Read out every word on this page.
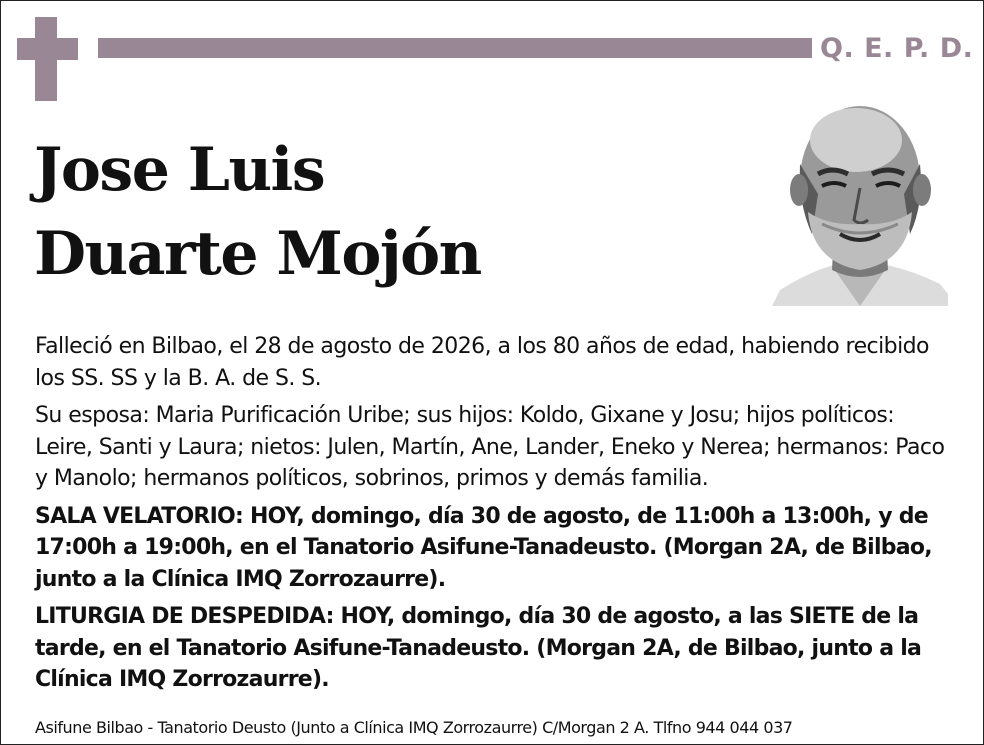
Q. E. P. D.
Jose Luis
Duarte Mojón

Falleció en Bilbao, el 28 de agosto de 2026, a los 80 años de edad, habiendo recibido los SS. SS y la B. A. de S. S.

Su esposa: Maria Purificación Uribe; sus hijos: Koldo, Gixane y Josu; hijos políticos: Leire, Santi y Laura; nietos: Julen, Martín, Ane, Lander, Eneko y Nerea; hermanos: Paco y Manolo; hermanos políticos, sobrinos, primos y demás familia.

SALA VELATORIO: HOY, domingo, día 30 de agosto, de 11:00h a 13:00h, y de 17:00h a 19:00h, en el Tanatorio Asifune-Tanadeusto. (Morgan 2A, de Bilbao, junto a la Clínica IMQ Zorrozaurre).

LITURGIA DE DESPEDIDA: HOY, domingo, día 30 de agosto, a las SIETE de la tarde, en el Tanatorio Asifune-Tanadeusto. (Morgan 2A, de Bilbao, junto a la Clínica IMQ Zorrozaurre).

Asifune Bilbao - Tanatorio Deusto (Junto a Clínica IMQ Zorrozaurre) C/Morgan 2 A. Tlfno 944 044 037
